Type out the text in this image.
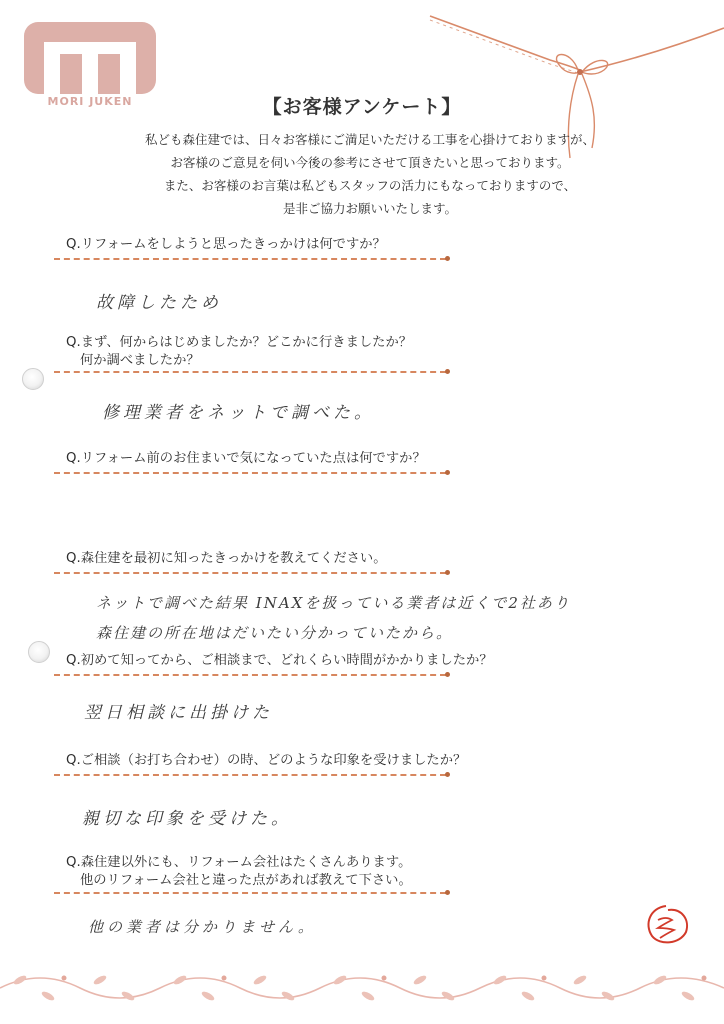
MORI JUKEN	【お客様アンケート】
私ども森住建では、日々お客様にご満足いただける工事を心掛けておりますが、
お客様のご意見を伺い今後の参考にさせて頂きたいと思っております。
また、お客様のお言葉は私どもスタッフの活力にもなっておりますので、
是非ご協力お願いいたします。
Q.リフォームをしようと思ったきっかけは何ですか？
故障したため
Q.まず、何からはじめましたか？どこかに行きましたか？
何か調べましたか？
修理業者をネットで調べた。
Q.リフォーム前のお住まいで気になっていた点は何ですか？
Q.森住建を最初に知ったきっかけを教えてください。
ネットで調べた結果 INAXを扱っている業者は近くで2社あり
森住建の所在地はだいたい分かっていたから。
Q.初めて知ってから、ご相談まで、どれくらい時間がかかりましたか？
翌日相談に出掛けた
Q.ご相談（お打ち合わせ）の時、どのような印象を受けましたか？
親切な印象を受けた。
Q.森住建以外にも、リフォーム会社はたくさんあります。
他のリフォーム会社と違った点があれば教えて下さい。
他の業者は分かりません。
